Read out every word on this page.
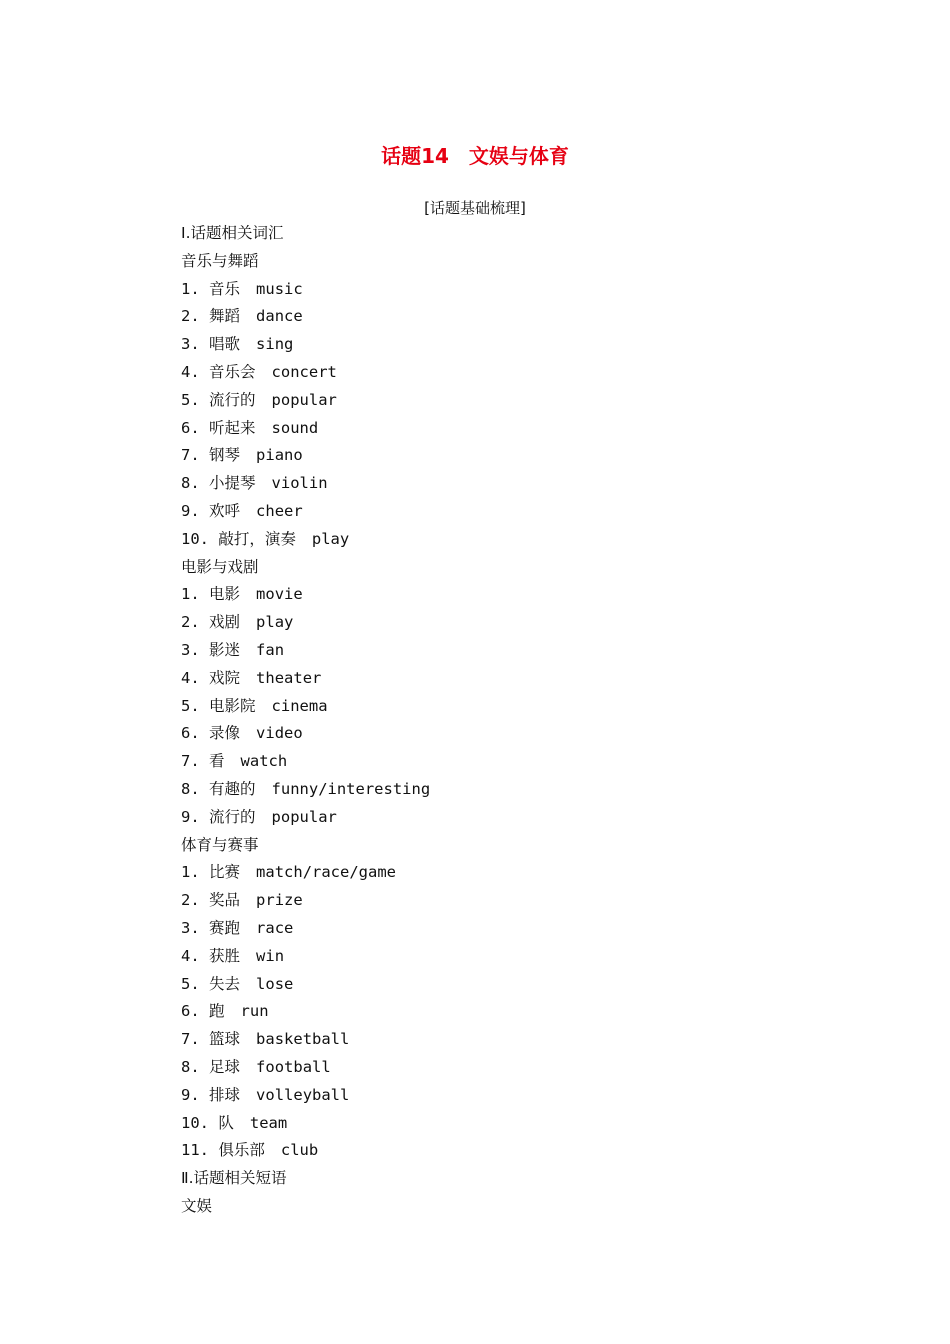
话题14　文娱与体育
[话题基础梳理]
Ⅰ.话题相关词汇
音乐与舞蹈
1. 音乐 music
2. 舞蹈 dance
3. 唱歌 sing
4. 音乐会 concert
5. 流行的 popular
6. 听起来 sound
7. 钢琴 piano
8. 小提琴 violin
9. 欢呼 cheer
10. 敲打，演奏 play
电影与戏剧
1. 电影 movie
2. 戏剧 play
3. 影迷 fan
4. 戏院 theater
5. 电影院 cinema
6. 录像 video
7. 看 watch
8. 有趣的 funny/interesting
9. 流行的 popular
体育与赛事
1. 比赛 match/race/game
2. 奖品 prize
3. 赛跑 race
4. 获胜 win
5. 失去 lose
6. 跑 run
7. 篮球 basketball
8. 足球 football
9. 排球 volleyball
10. 队 team
11. 俱乐部 club
Ⅱ.话题相关短语
文娱
